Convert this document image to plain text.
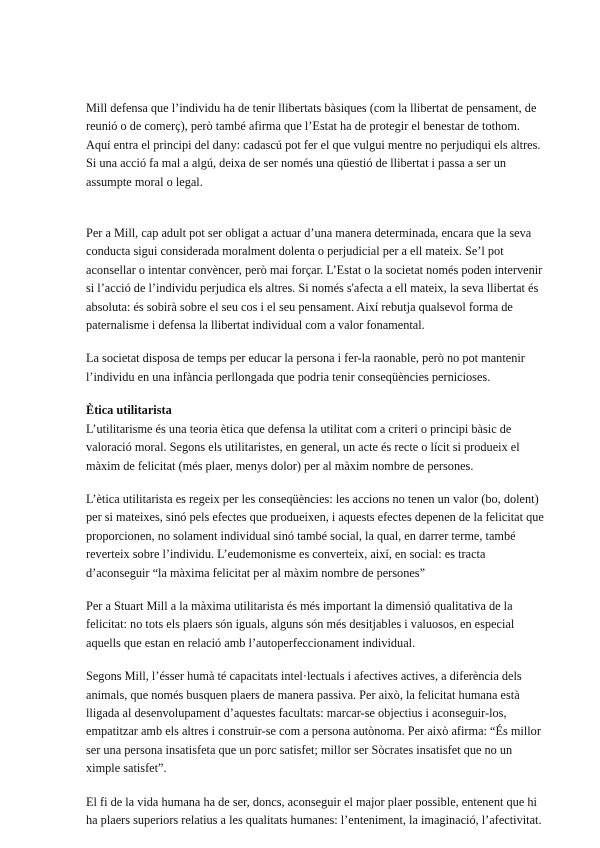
Mill defensa que l’individu ha de tenir llibertats bàsiques (com la llibertat de pensament, de reunió o de comerç), però també afirma que l’Estat ha de protegir el benestar de tothom. Aquí entra el principi del dany: cadascú pot fer el que vulgui mentre no perjudiqui els altres. Si una acció fa mal a algú, deixa de ser només una qüestió de llibertat i passa a ser un assumpte moral o legal.

Per a Mill, cap adult pot ser obligat a actuar d’una manera determinada, encara que la seva conducta sigui considerada moralment dolenta o perjudicial per a ell mateix. Se’l pot aconsellar o intentar convèncer, però mai forçar. L’Estat o la societat només poden intervenir si l’acció de l’individu perjudica els altres. Si només s'afecta a ell mateix, la seva llibertat és absoluta: és sobirà sobre el seu cos i el seu pensament. Així rebutja qualsevol forma de paternalisme i defensa la llibertat individual com a valor fonamental.

La societat disposa de temps per educar la persona i fer-la raonable, però no pot mantenir l’individu en una infància perllongada que podria tenir conseqüències pernicioses.

Ètica utilitarista

L’utilitarisme és una teoria ètica que defensa la utilitat com a criteri o principi bàsic de valoració moral. Segons els utilitaristes, en general, un acte és recte o lícit si produeix el màxim de felicitat (més plaer, menys dolor) per al màxim nombre de persones.

L’ètica utilitarista es regeix per les conseqüències: les accions no tenen un valor (bo, dolent) per si mateixes, sinó pels efectes que produeixen, i aquests efectes depenen de la felicitat que proporcionen, no solament individual sinó també social, la qual, en darrer terme, també reverteix sobre l’individu. L’eudemonisme es converteix, així, en social: es tracta d’aconseguir “la màxima felicitat per al màxim nombre de persones”

Per a Stuart Mill a la màxima utilitarista és més important la dimensió qualitativa de la felicitat: no tots els plaers són iguals, alguns són més desitjables i valuosos, en especial aquells que estan en relació amb l’autoperfeccionament individual.

Segons Mill, l’ésser humà té capacitats intel·lectuals i afectives actives, a diferència dels animals, que només busquen plaers de manera passiva. Per això, la felicitat humana està lligada al desenvolupament d’aquestes facultats: marcar-se objectius i aconseguir-los, empatitzar amb els altres i construir-se com a persona autònoma. Per això afirma: “És millor ser una persona insatisfeta que un porc satisfet; millor ser Sòcrates insatisfet que no un ximple satisfet”.

El fi de la vida humana ha de ser, doncs, aconseguir el major plaer possible, entenent que hi ha plaers superiors relatius a les qualitats humanes: l’enteniment, la imaginació, l’afectivitat.
